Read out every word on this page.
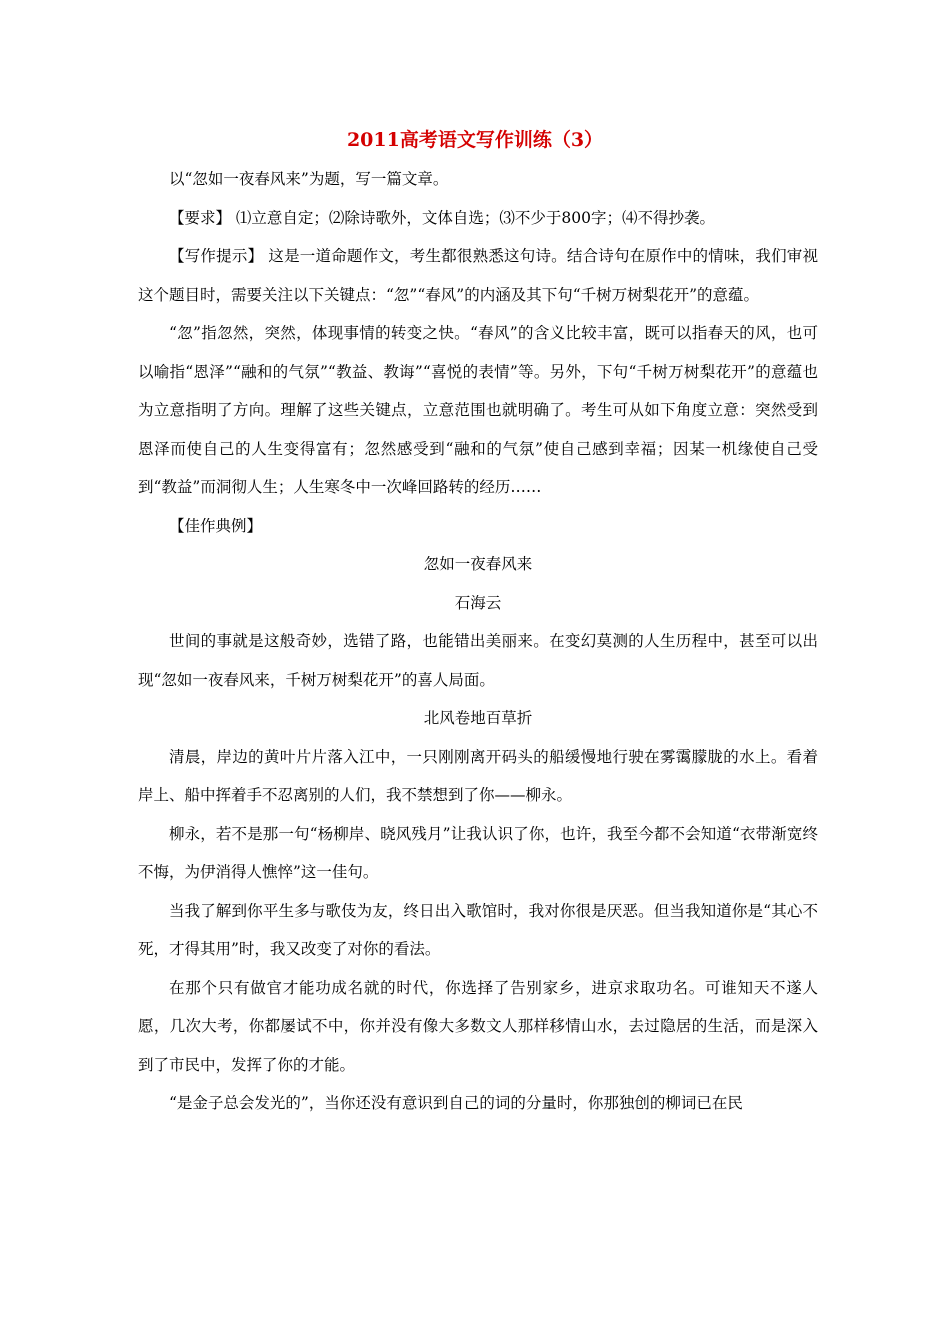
2011高考语文写作训练（3）

以“忽如一夜春风来”为题，写一篇文章。

【要求】 ⑴立意自定；⑵除诗歌外，文体自选；⑶不少于800字；⑷不得抄袭。

【写作提示】 这是一道命题作文，考生都很熟悉这句诗。结合诗句在原作中的情味，我们审视这个题目时，需要关注以下关键点：“忽”“春风”的内涵及其下句“千树万树梨花开”的意蕴。

“忽”指忽然，突然，体现事情的转变之快。“春风”的含义比较丰富，既可以指春天的风，也可以喻指“恩泽”“融和的气氛”“教益、教诲”“喜悦的表情”等。另外，下句“千树万树梨花开”的意蕴也为立意指明了方向。理解了这些关键点，立意范围也就明确了。考生可从如下角度立意：突然受到恩泽而使自己的人生变得富有；忽然感受到“融和的气氛”使自己感到幸福；因某一机缘使自己受到“教益”而洞彻人生；人生寒冬中一次峰回路转的经历……

【佳作典例】

忽如一夜春风来

石海云

世间的事就是这般奇妙，选错了路，也能错出美丽来。在变幻莫测的人生历程中，甚至可以出现“忽如一夜春风来，千树万树梨花开”的喜人局面。

北风卷地百草折

清晨，岸边的黄叶片片落入江中，一只刚刚离开码头的船缓慢地行驶在雾霭朦胧的水上。看着岸上、船中挥着手不忍离别的人们，我不禁想到了你——柳永。

柳永，若不是那一句“杨柳岸、晓风残月”让我认识了你，也许，我至今都不会知道“衣带渐宽终不悔，为伊消得人憔悴”这一佳句。

当我了解到你平生多与歌伎为友，终日出入歌馆时，我对你很是厌恶。但当我知道你是“其心不死，才得其用”时，我又改变了对你的看法。

在那个只有做官才能功成名就的时代，你选择了告别家乡，进京求取功名。可谁知天不遂人愿，几次大考，你都屡试不中，你并没有像大多数文人那样移情山水，去过隐居的生活，而是深入到了市民中，发挥了你的才能。

“是金子总会发光的”，当你还没有意识到自己的词的分量时，你那独创的柳词已在民
